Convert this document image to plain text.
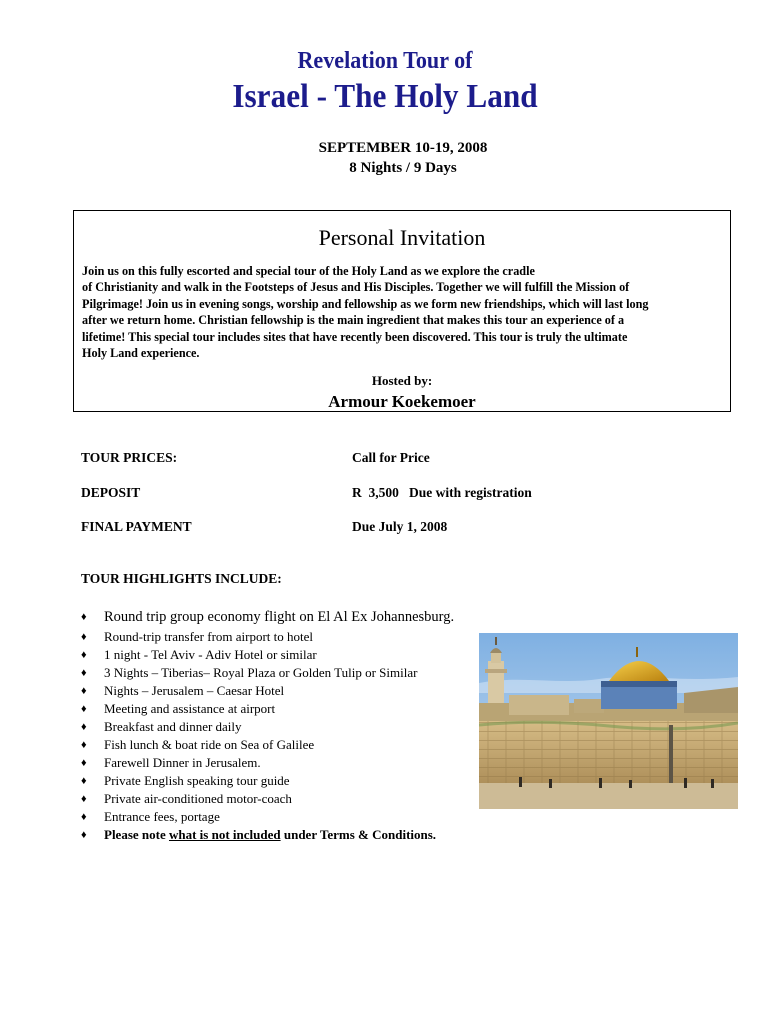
Revelation Tour of
Israel - The Holy Land
SEPTEMBER 10-19, 2008
8 Nights / 9 Days
Personal Invitation
Join us on this fully escorted and special tour of the Holy Land as we explore the cradle
of Christianity and walk in the Footsteps of Jesus and His Disciples. Together we will fulfill the Mission of
Pilgrimage! Join us in evening songs, worship and fellowship as we form new friendships, which will last long
after we return home. Christian fellowship is the main ingredient that makes this tour an experience of a
lifetime! This special tour includes sites that have recently been discovered. This tour is truly the ultimate
Holy Land experience.
Hosted by:
Armour Koekemoer
TOUR PRICES:	Call for Price
DEPOSIT	R  3,500   Due with registration
FINAL PAYMENT	Due July 1, 2008
TOUR HIGHLIGHTS INCLUDE:
♦ Round trip group economy flight on El Al Ex Johannesburg.
♦ Round-trip transfer from airport to hotel
♦ 1 night - Tel Aviv - Adiv Hotel or similar
♦ 3 Nights – Tiberias– Royal Plaza or Golden Tulip or Similar
♦ Nights – Jerusalem – Caesar Hotel
♦ Meeting and assistance at airport
♦ Breakfast and dinner daily
♦ Fish lunch & boat ride on Sea of Galilee
♦ Farewell Dinner in Jerusalem.
♦ Private English speaking tour guide
♦ Private air-conditioned motor-coach
♦ Entrance fees, portage
♦ Please note what is not included under Terms & Conditions.
